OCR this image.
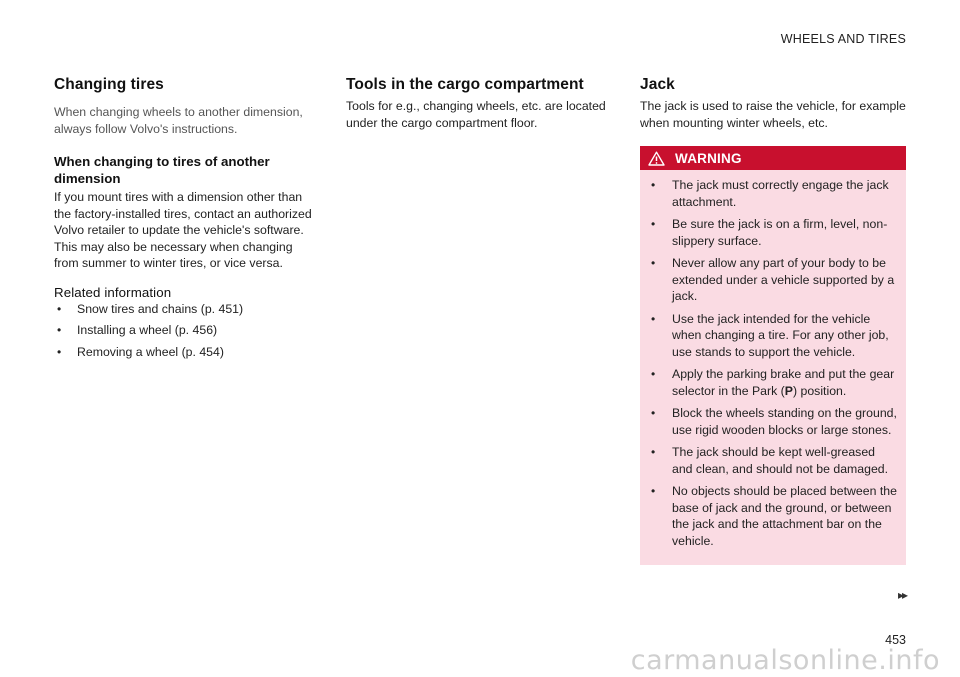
WHEELS AND TIRES
Changing tires

When changing wheels to another dimension, always follow Volvo's instructions.

When changing to tires of another dimension

If you mount tires with a dimension other than the factory-installed tires, contact an authorized Volvo retailer to update the vehicle's software. This may also be necessary when changing from summer to winter tires, or vice versa.

Related information
• Snow tires and chains (p. 451)
• Installing a wheel (p. 456)
• Removing a wheel (p. 454)
Tools in the cargo compartment

Tools for e.g., changing wheels, etc. are located under the cargo compartment floor.

Jack

The jack is used to raise the vehicle, for example when mounting winter wheels, etc.

WARNING
• The jack must correctly engage the jack attachment.
• Be sure the jack is on a firm, level, non-slippery surface.
• Never allow any part of your body to be extended under a vehicle supported by a jack.
• Use the jack intended for the vehicle when changing a tire. For any other job, use stands to support the vehicle.
• Apply the parking brake and put the gear selector in the Park (P) position.
• Block the wheels standing on the ground, use rigid wooden blocks or large stones.
• The jack should be kept well-greased and clean, and should not be damaged.
• No objects should be placed between the base of jack and the ground, or between the jack and the attachment bar on the vehicle.
▸▸
453
carmanualsonline.info
